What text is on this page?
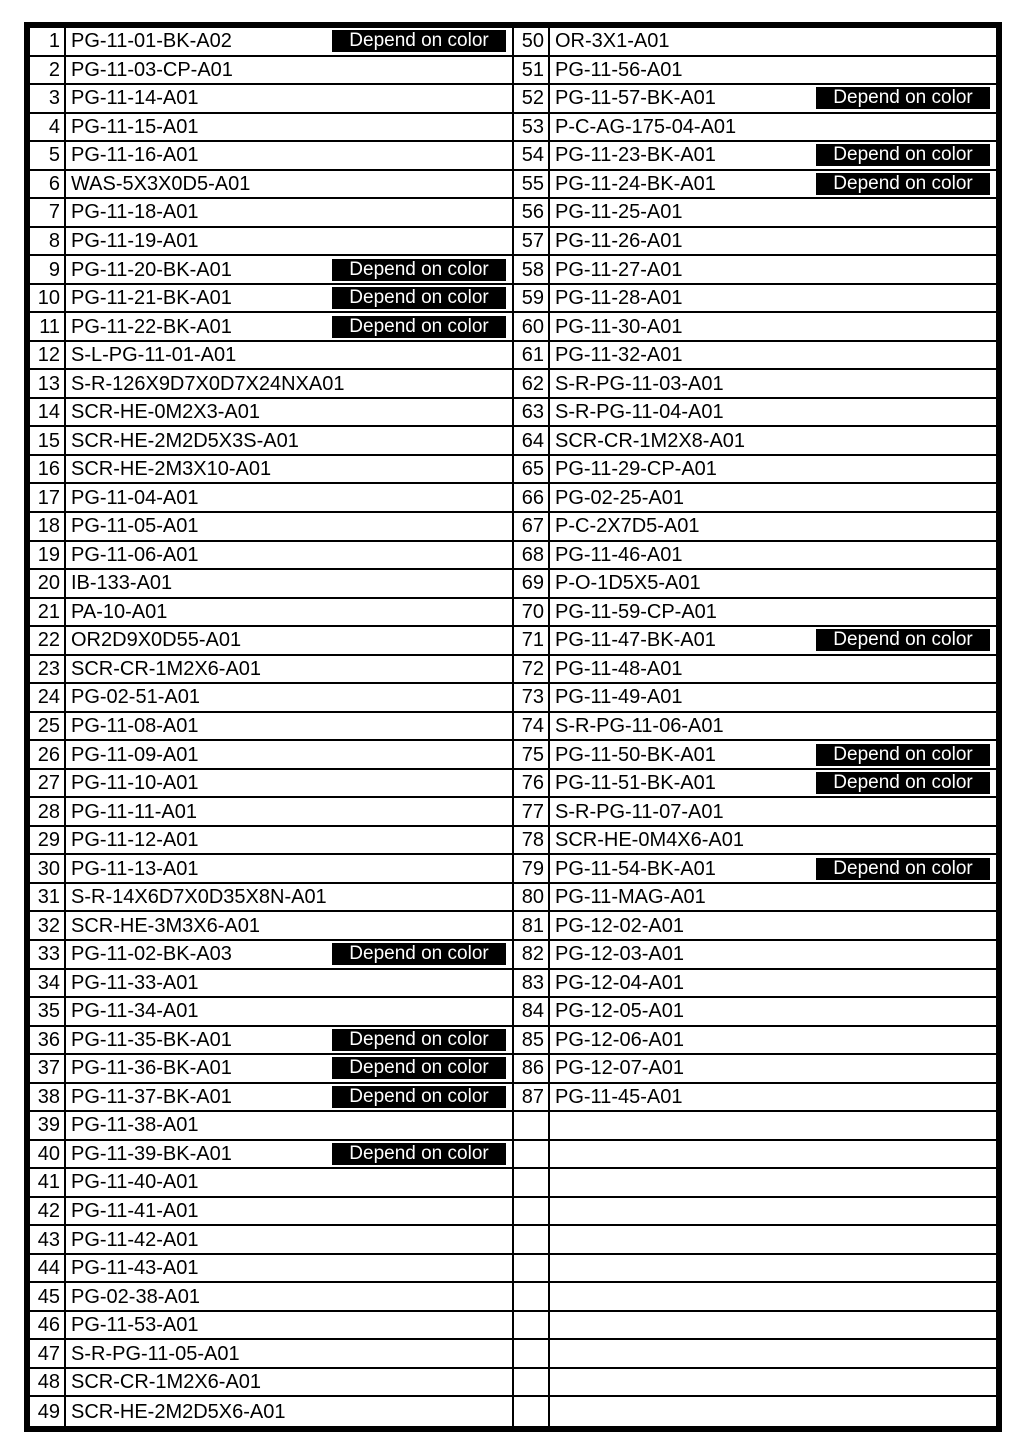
1 PG-11-01-BK-A02	Depend on color
2 PG-11-03-CP-A01
3 PG-11-14-A01
4 PG-11-15-A01
5 PG-11-16-A01
6 WAS-5X3X0D5-A01
7 PG-11-18-A01
8 PG-11-19-A01
9 PG-11-20-BK-A01	Depend on color
10 PG-11-21-BK-A01	Depend on color
11 PG-11-22-BK-A01	Depend on color
12 S-L-PG-11-01-A01
13 S-R-126X9D7X0D7X24NXA01
14 SCR-HE-0M2X3-A01
15 SCR-HE-2M2D5X3S-A01
16 SCR-HE-2M3X10-A01
17 PG-11-04-A01
18 PG-11-05-A01
19 PG-11-06-A01
20 IB-133-A01
21 PA-10-A01
22 OR2D9X0D55-A01
23 SCR-CR-1M2X6-A01
24 PG-02-51-A01
25 PG-11-08-A01
26 PG-11-09-A01
27 PG-11-10-A01
28 PG-11-11-A01
29 PG-11-12-A01
30 PG-11-13-A01
31 S-R-14X6D7X0D35X8N-A01
32 SCR-HE-3M3X6-A01
33 PG-11-02-BK-A03	Depend on color
34 PG-11-33-A01
35 PG-11-34-A01
36 PG-11-35-BK-A01	Depend on color
37 PG-11-36-BK-A01	Depend on color
38 PG-11-37-BK-A01	Depend on color
39 PG-11-38-A01
40 PG-11-39-BK-A01	Depend on color
41 PG-11-40-A01
42 PG-11-41-A01
43 PG-11-42-A01
44 PG-11-43-A01
45 PG-02-38-A01
46 PG-11-53-A01
47 S-R-PG-11-05-A01
48 SCR-CR-1M2X6-A01
49 SCR-HE-2M2D5X6-A01
50 OR-3X1-A01
51 PG-11-56-A01
52 PG-11-57-BK-A01	Depend on color
53 P-C-AG-175-04-A01
54 PG-11-23-BK-A01	Depend on color
55 PG-11-24-BK-A01	Depend on color
56 PG-11-25-A01
57 PG-11-26-A01
58 PG-11-27-A01
59 PG-11-28-A01
60 PG-11-30-A01
61 PG-11-32-A01
62 S-R-PG-11-03-A01
63 S-R-PG-11-04-A01
64 SCR-CR-1M2X8-A01
65 PG-11-29-CP-A01
66 PG-02-25-A01
67 P-C-2X7D5-A01
68 PG-11-46-A01
69 P-O-1D5X5-A01
70 PG-11-59-CP-A01
71 PG-11-47-BK-A01	Depend on color
72 PG-11-48-A01
73 PG-11-49-A01
74 S-R-PG-11-06-A01
75 PG-11-50-BK-A01	Depend on color
76 PG-11-51-BK-A01	Depend on color
77 S-R-PG-11-07-A01
78 SCR-HE-0M4X6-A01
79 PG-11-54-BK-A01	Depend on color
80 PG-11-MAG-A01
81 PG-12-02-A01
82 PG-12-03-A01
83 PG-12-04-A01
84 PG-12-05-A01
85 PG-12-06-A01
86 PG-12-07-A01
87 PG-11-45-A01
